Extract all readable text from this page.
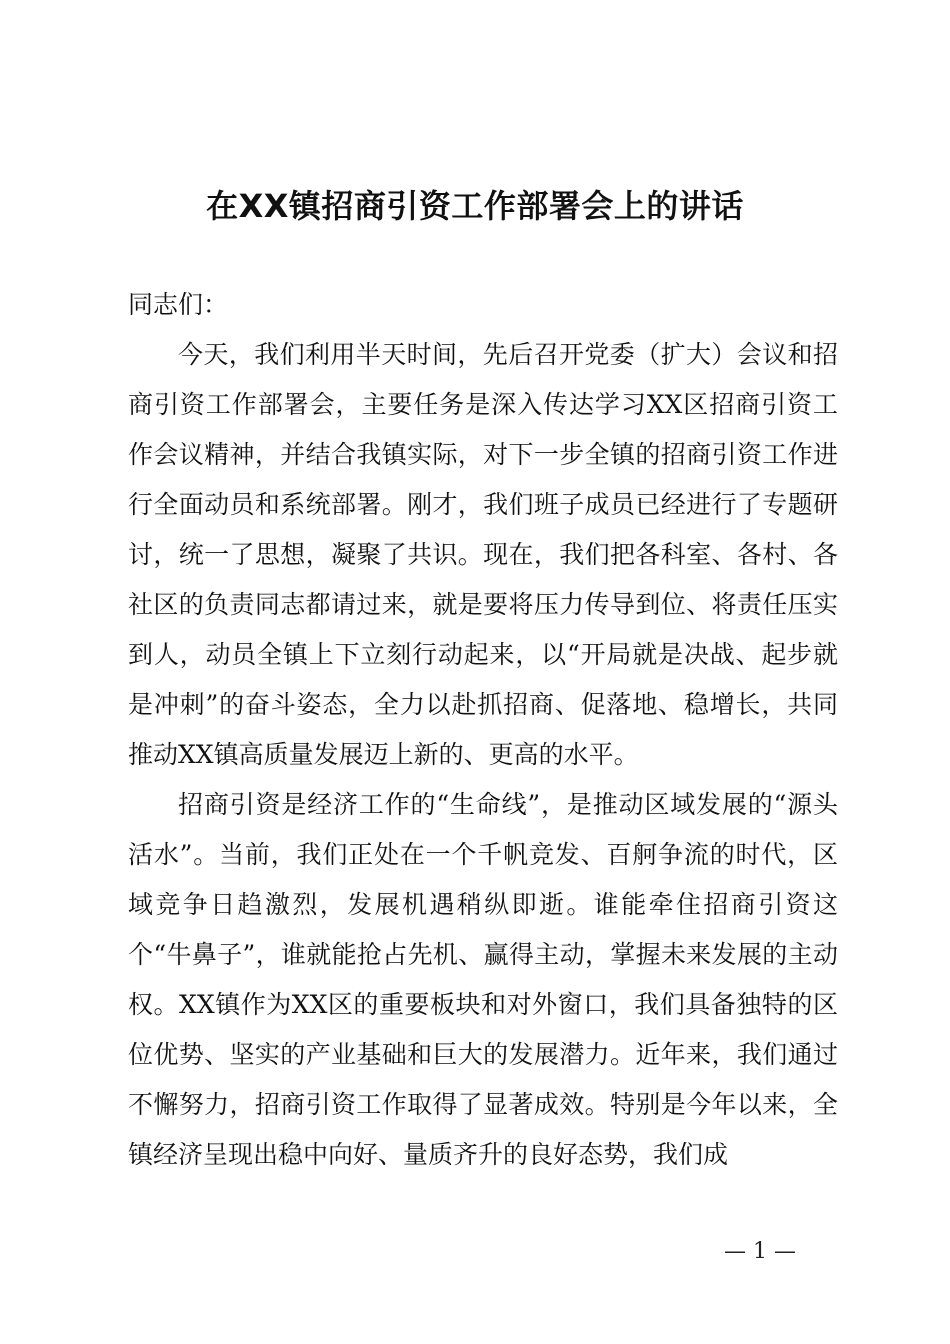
在XX镇招商引资工作部署会上的讲话

同志们：

今天，我们利用半天时间，先后召开党委（扩大）会议和招商引资工作部署会，主要任务是深入传达学习XX区招商引资工作会议精神，并结合我镇实际，对下一步全镇的招商引资工作进行全面动员和系统部署。刚才，我们班子成员已经进行了专题研讨，统一了思想，凝聚了共识。现在，我们把各科室、各村、各社区的负责同志都请过来，就是要将压力传导到位、将责任压实到人，动员全镇上下立刻行动起来，以“开局就是决战、起步就是冲刺”的奋斗姿态，全力以赴抓招商、促落地、稳增长，共同推动XX镇高质量发展迈上新的、更高的水平。

招商引资是经济工作的“生命线”，是推动区域发展的“源头活水”。当前，我们正处在一个千帆竞发、百舸争流的时代，区域竞争日趋激烈，发展机遇稍纵即逝。谁能牵住招商引资这个“牛鼻子”，谁就能抢占先机、赢得主动，掌握未来发展的主动权。XX镇作为XX区的重要板块和对外窗口，我们具备独特的区位优势、坚实的产业基础和巨大的发展潜力。近年来，我们通过不懈努力，招商引资工作取得了显著成效。特别是今年以来，全镇经济呈现出稳中向好、量质齐升的良好态势，我们成

— 1 —
